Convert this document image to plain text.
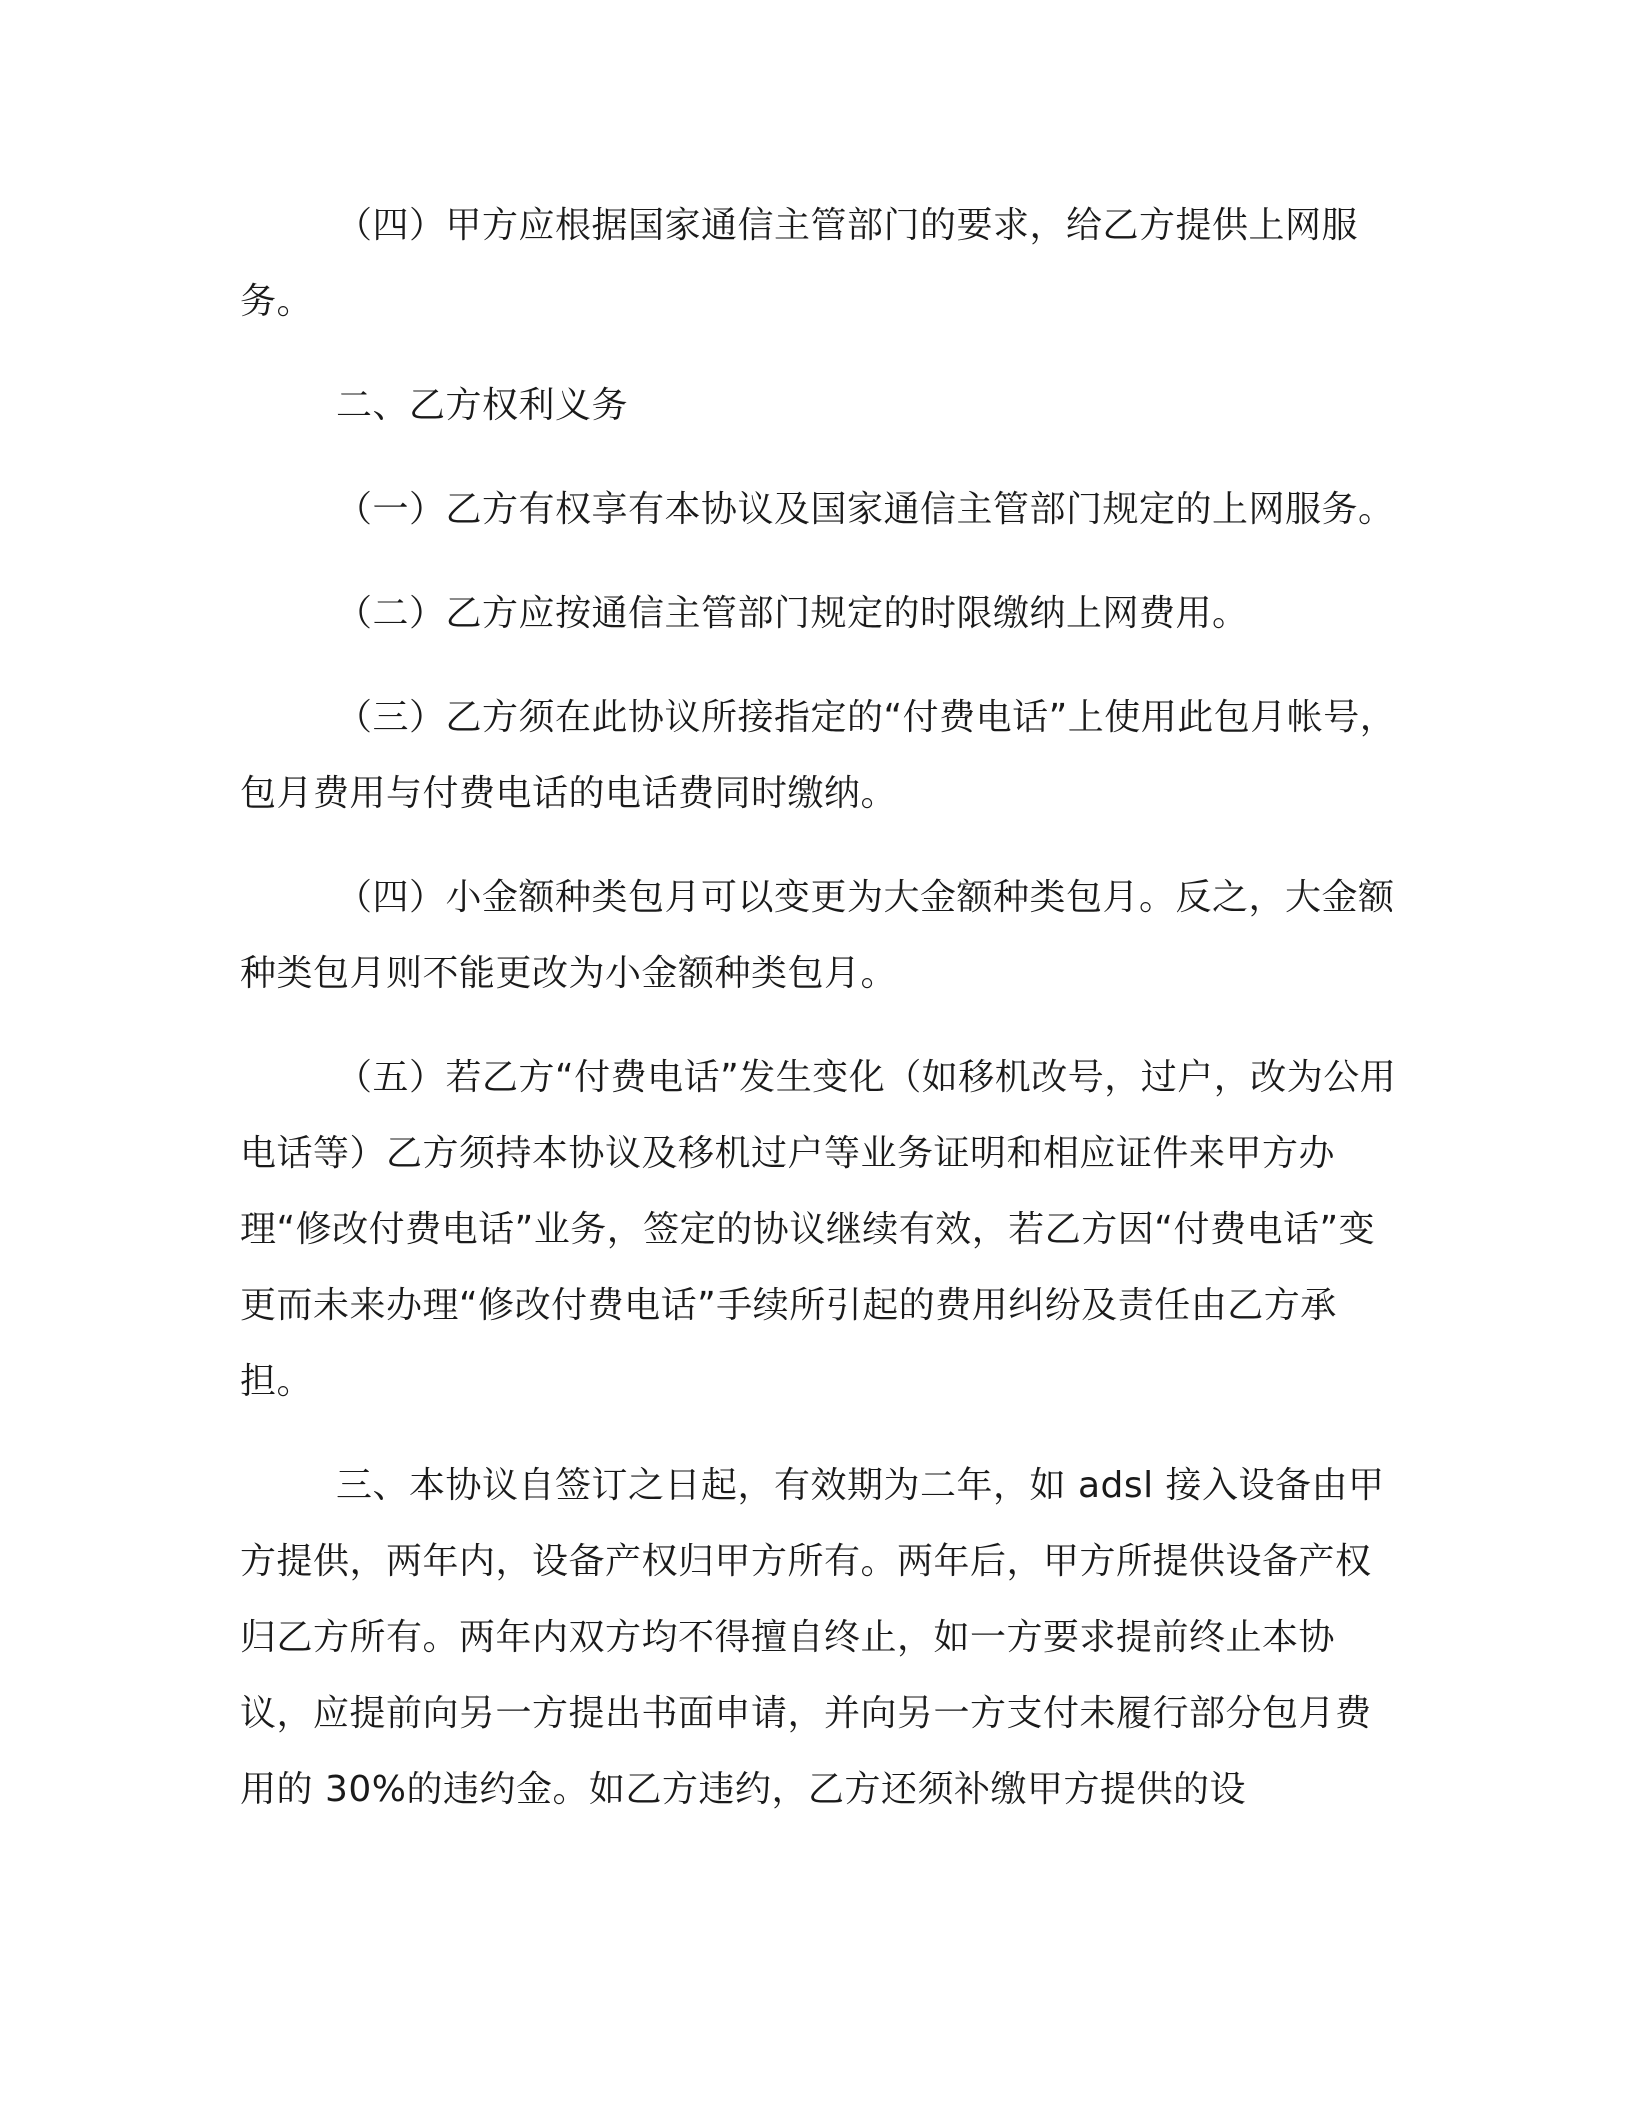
（四）甲方应根据国家通信主管部门的要求，给乙方提供上网服务。

二、乙方权利义务

（一）乙方有权享有本协议及国家通信主管部门规定的上网服务。

（二）乙方应按通信主管部门规定的时限缴纳上网费用。

（三）乙方须在此协议所接指定的“付费电话”上使用此包月帐号，包月费用与付费电话的电话费同时缴纳。

（四）小金额种类包月可以变更为大金额种类包月。反之，大金额种类包月则不能更改为小金额种类包月。

（五）若乙方“付费电话”发生变化（如移机改号，过户，改为公用电话等）乙方须持本协议及移机过户等业务证明和相应证件来甲方办理“修改付费电话”业务，签定的协议继续有效，若乙方因“付费电话”变更而未来办理“修改付费电话”手续所引起的费用纠纷及责任由乙方承担。

三、本协议自签订之日起，有效期为二年，如 adsl 接入设备由甲方提供，两年内，设备产权归甲方所有。两年后，甲方所提供设备产权归乙方所有。两年内双方均不得擅自终止，如一方要求提前终止本协议，应提前向另一方提出书面申请，并向另一方支付未履行部分包月费用的 30%的违约金。如乙方违约，乙方还须补缴甲方提供的设
